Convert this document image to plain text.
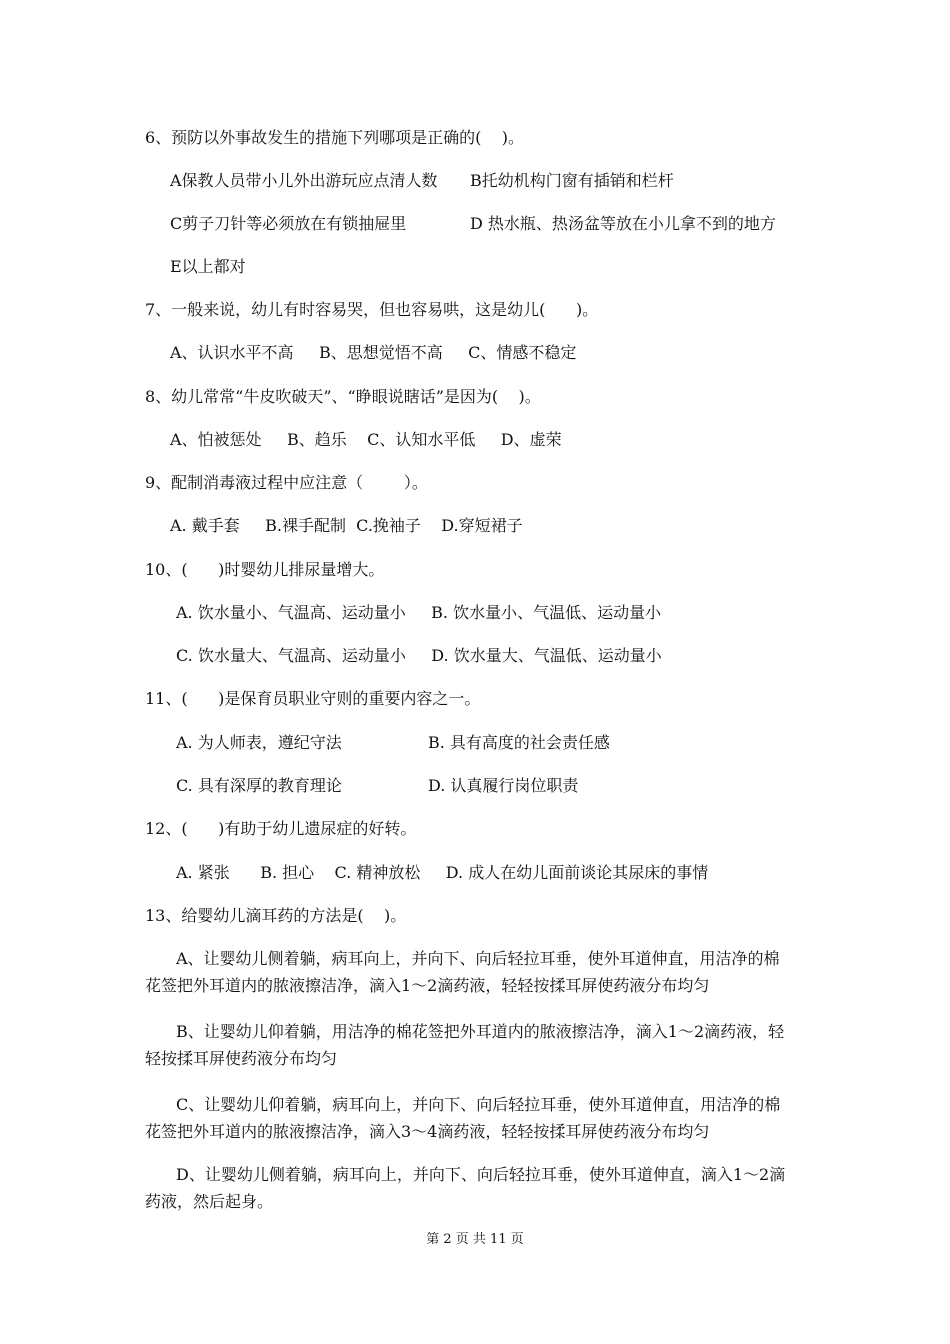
6、预防以外事故发生的措施下列哪项是正确的(    )。
A保教人员带小儿外出游玩应点清人数 B托幼机构门窗有插销和栏杆
C剪子刀针等必须放在有锁抽屉里	D 热水瓶、热汤盆等放在小儿拿不到的地方
E以上都对
7、一般来说，幼儿有时容易哭，但也容易哄，这是幼儿(      )。
A、认识水平不高     B、思想觉悟不高     C、情感不稳定
8、幼儿常常“牛皮吹破天”、“睁眼说瞎话”是因为(    )。
A、怕被惩处     B、趋乐    C、认知水平低     D、虚荣
9、配制消毒液过程中应注意（        ）。
A. 戴手套     B.裸手配制  C.挽袖子    D.穿短裙子
10、(      )时婴幼儿排尿量增大。
A. 饮水量小、气温高、运动量小     B. 饮水量小、气温低、运动量小
C. 饮水量大、气温高、运动量小     D. 饮水量大、气温低、运动量小
11、(      )是保育员职业守则的重要内容之一。
A. 为人师表，遵纪守法	B. 具有高度的社会责任感
C. 具有深厚的教育理论	D. 认真履行岗位职责
12、(      )有助于幼儿遗尿症的好转。
A. 紧张      B. 担心    C. 精神放松     D. 成人在幼儿面前谈论其尿床的事情
13、给婴幼儿滴耳药的方法是(    )。
A、让婴幼儿侧着躺，病耳向上，并向下、向后轻拉耳垂，使外耳道伸直，用洁净的棉
花签把外耳道内的脓液擦洁净，滴入1～2滴药液，轻轻按揉耳屏使药液分布均匀
B、让婴幼儿仰着躺，用洁净的棉花签把外耳道内的脓液擦洁净，滴入1～2滴药液，轻
轻按揉耳屏使药液分布均匀
C、让婴幼儿仰着躺，病耳向上，并向下、向后轻拉耳垂，使外耳道伸直，用洁净的棉
花签把外耳道内的脓液擦洁净，滴入3～4滴药液，轻轻按揉耳屏使药液分布均匀
D、让婴幼儿侧着躺，病耳向上，并向下、向后轻拉耳垂，使外耳道伸直，滴入1～2滴
药液，然后起身。
第 2 页 共 11 页
